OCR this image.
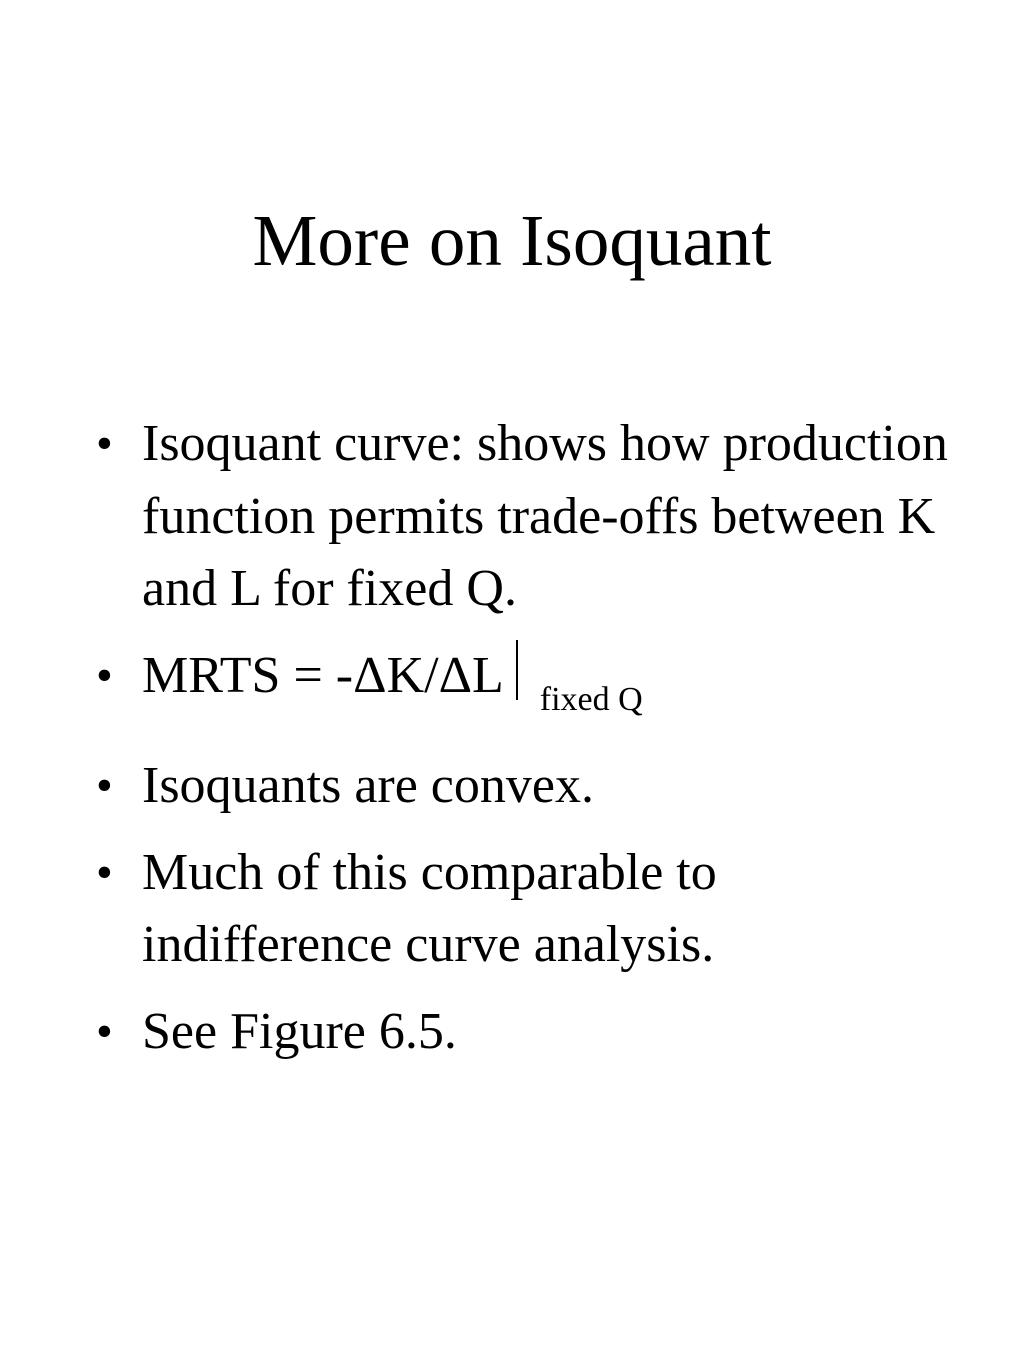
More on Isoquant
• Isoquant curve: shows how production function permits trade-offs between K and L for fixed Q.
• MRTS = -ΔK/ΔL $_{fixed Q}$
• Isoquants are convex.
• Much of this comparable to indifference curve analysis.
• See Figure 6.5.
